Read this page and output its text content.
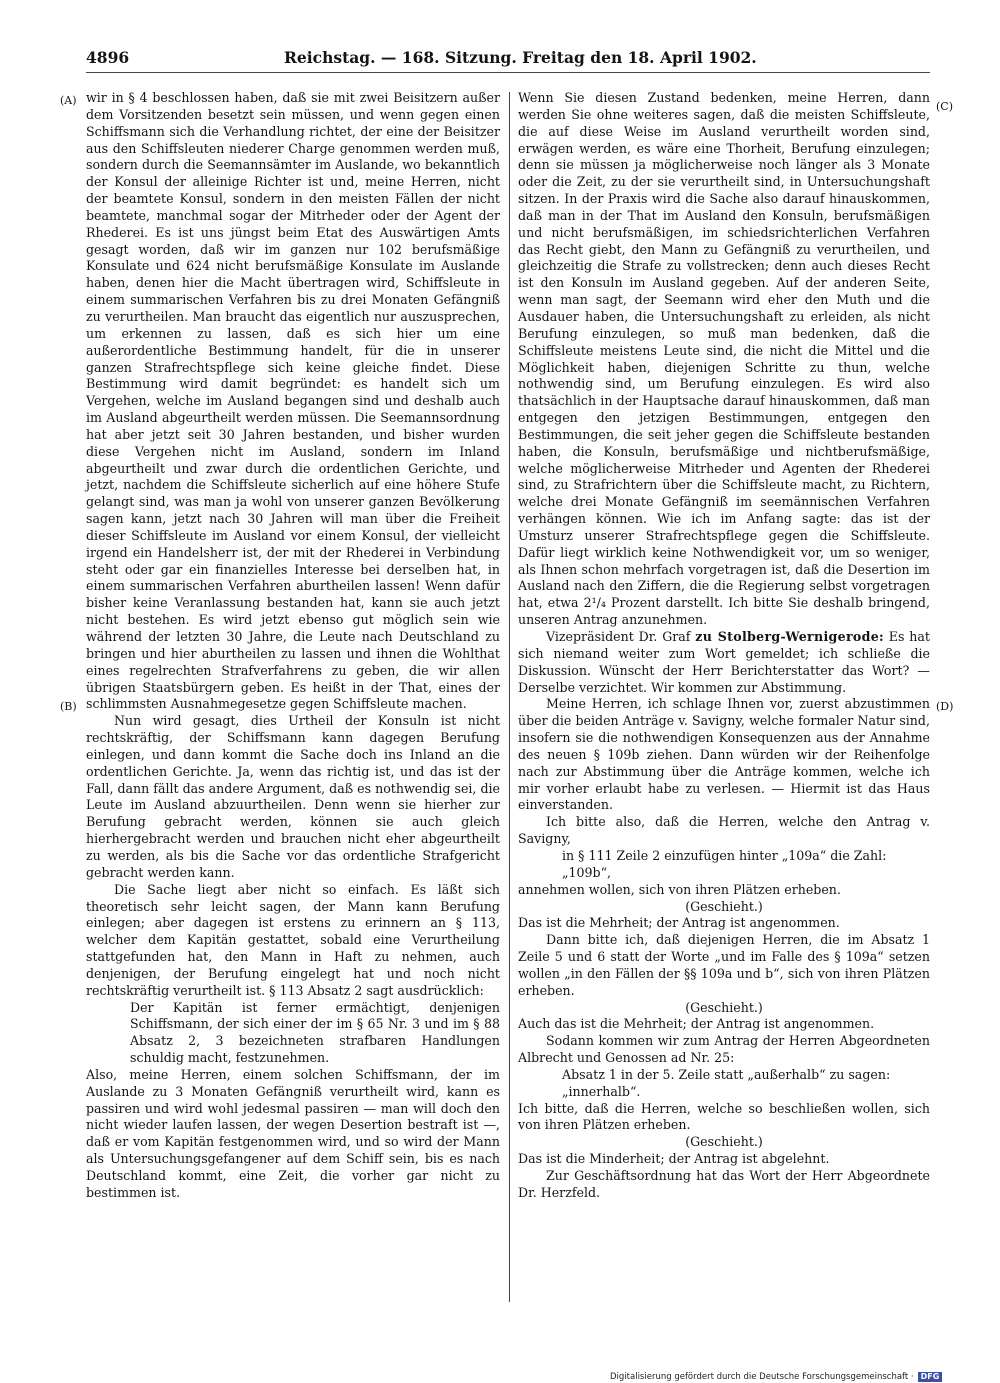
4896	Reichstag. — 168. Sitzung. Freitag den 18. April 1902.
(A)
(B)
(C)
(D)

wir in § 4 beschlossen haben, daß sie mit zwei Beisitzern außer dem Vorsitzenden besetzt sein müssen, und wenn gegen einen Schiffsmann sich die Verhandlung richtet, der eine der Beisitzer aus den Schiffsleuten niederer Charge genommen werden muß, sondern durch die Seemannsämter im Auslande, wo bekanntlich der Konsul der alleinige Richter ist und, meine Herren, nicht der beamtete Konsul, sondern in den meisten Fällen der nicht beamtete, manchmal sogar der Mitrheder oder der Agent der Rhederei. Es ist uns jüngst beim Etat des Auswärtigen Amts gesagt worden, daß wir im ganzen nur 102 berufsmäßige Konsulate und 624 nicht berufsmäßige Konsulate im Auslande haben, denen hier die Macht übertragen wird, Schiffsleute in einem summarischen Verfahren bis zu drei Monaten Gefängniß zu verurtheilen. Man braucht das eigentlich nur auszusprechen, um erkennen zu lassen, daß es sich hier um eine außerordentliche Bestimmung handelt, für die in unserer ganzen Strafrechtspflege sich keine gleiche findet. Diese Bestimmung wird damit begründet: es handelt sich um Vergehen, welche im Ausland begangen sind und deshalb auch im Ausland abgeurtheilt werden müssen. Die Seemannsordnung hat aber jetzt seit 30 Jahren bestanden, und bisher wurden diese Vergehen nicht im Ausland, sondern im Inland abgeurtheilt und zwar durch die ordentlichen Gerichte, und jetzt, nachdem die Schiffsleute sicherlich auf eine höhere Stufe gelangt sind, was man ja wohl von unserer ganzen Bevölkerung sagen kann, jetzt nach 30 Jahren will man über die Freiheit dieser Schiffsleute im Ausland vor einem Konsul, der vielleicht irgend ein Handelsherr ist, der mit der Rhederei in Verbindung steht oder gar ein finanzielles Interesse bei derselben hat, in einem summarischen Verfahren aburtheilen lassen! Wenn dafür bisher keine Veranlassung bestanden hat, kann sie auch jetzt nicht bestehen. Es wird jetzt ebenso gut möglich sein wie während der letzten 30 Jahre, die Leute nach Deutschland zu bringen und hier aburtheilen zu lassen und ihnen die Wohlthat eines regelrechten Strafverfahrens zu geben, die wir allen übrigen Staatsbürgern geben. Es heißt in der That, eines der schlimmsten Ausnahmegesetze gegen Schiffsleute machen.

Nun wird gesagt, dies Urtheil der Konsuln ist nicht rechtskräftig, der Schiffsmann kann dagegen Berufung einlegen, und dann kommt die Sache doch ins Inland an die ordentlichen Gerichte. Ja, wenn das richtig ist, und das ist der Fall, dann fällt das andere Argument, daß es nothwendig sei, die Leute im Ausland abzuurtheilen. Denn wenn sie hierher zur Berufung gebracht werden, können sie auch gleich hierhergebracht werden und brauchen nicht eher abgeurtheilt zu werden, als bis die Sache vor das ordentliche Strafgericht gebracht werden kann.

Die Sache liegt aber nicht so einfach. Es läßt sich theoretisch sehr leicht sagen, der Mann kann Berufung einlegen; aber dagegen ist erstens zu erinnern an § 113, welcher dem Kapitän gestattet, sobald eine Verurtheilung stattgefunden hat, den Mann in Haft zu nehmen, auch denjenigen, der Berufung eingelegt hat und noch nicht rechtskräftig verurtheilt ist. § 113 Absatz 2 sagt ausdrücklich:

Der Kapitän ist ferner ermächtigt, denjenigen Schiffsmann, der sich einer der im § 65 Nr. 3 und im § 88 Absatz 2, 3 bezeichneten strafbaren Handlungen schuldig macht, festzunehmen.

Also, meine Herren, einem solchen Schiffsmann, der im Auslande zu 3 Monaten Gefängniß verurtheilt wird, kann es passiren und wird wohl jedesmal passiren — man will doch den nicht wieder laufen lassen, der wegen Desertion bestraft ist —, daß er vom Kapitän festgenommen wird, und so wird der Mann als Untersuchungsgefangener auf dem Schiff sein, bis es nach Deutschland kommt, eine Zeit, die vorher gar nicht zu bestimmen ist.

Wenn Sie diesen Zustand bedenken, meine Herren, dann werden Sie ohne weiteres sagen, daß die meisten Schiffsleute, die auf diese Weise im Ausland verurtheilt worden sind, erwägen werden, es wäre eine Thorheit, Berufung einzulegen; denn sie müssen ja möglicherweise noch länger als 3 Monate oder die Zeit, zu der sie verurtheilt sind, in Untersuchungshaft sitzen. In der Praxis wird die Sache also darauf hinauskommen, daß man in der That im Ausland den Konsuln, berufsmäßigen und nicht berufsmäßigen, im schiedsrichterlichen Verfahren das Recht giebt, den Mann zu Gefängniß zu verurtheilen, und gleichzeitig die Strafe zu vollstrecken; denn auch dieses Recht ist den Konsuln im Ausland gegeben. Auf der anderen Seite, wenn man sagt, der Seemann wird eher den Muth und die Ausdauer haben, die Untersuchungshaft zu erleiden, als nicht Berufung einzulegen, so muß man bedenken, daß die Schiffsleute meistens Leute sind, die nicht die Mittel und die Möglichkeit haben, diejenigen Schritte zu thun, welche nothwendig sind, um Berufung einzulegen. Es wird also thatsächlich in der Hauptsache darauf hinauskommen, daß man entgegen den jetzigen Bestimmungen, entgegen den Bestimmungen, die seit jeher gegen die Schiffsleute bestanden haben, die Konsuln, berufsmäßige und nichtberufsmäßige, welche möglicherweise Mitrheder und Agenten der Rhederei sind, zu Strafrichtern über die Schiffsleute macht, zu Richtern, welche drei Monate Gefängniß im seemännischen Verfahren verhängen können. Wie ich im Anfang sagte: das ist der Umsturz unserer Strafrechtspflege gegen die Schiffsleute. Dafür liegt wirklich keine Nothwendigkeit vor, um so weniger, als Ihnen schon mehrfach vorgetragen ist, daß die Desertion im Ausland nach den Ziffern, die die Regierung selbst vorgetragen hat, etwa 2¹/₄ Prozent darstellt. Ich bitte Sie deshalb bringend, unseren Antrag anzunehmen.

Vizepräsident Dr. Graf zu Stolberg-Wernigerode: Es hat sich niemand weiter zum Wort gemeldet; ich schließe die Diskussion. Wünscht der Herr Berichterstatter das Wort? — Derselbe verzichtet. Wir kommen zur Abstimmung.

Meine Herren, ich schlage Ihnen vor, zuerst abzustimmen über die beiden Anträge v. Savigny, welche formaler Natur sind, insofern sie die nothwendigen Konsequenzen aus der Annahme des neuen § 109b ziehen. Dann würden wir der Reihenfolge nach zur Abstimmung über die Anträge kommen, welche ich mir vorher erlaubt habe zu verlesen. — Hiermit ist das Haus einverstanden.

Ich bitte also, daß die Herren, welche den Antrag v. Savigny,

in § 111 Zeile 2 einzufügen hinter „109a“ die Zahl: „109b“,

annehmen wollen, sich von ihren Plätzen erheben.

(Geschieht.)

Das ist die Mehrheit; der Antrag ist angenommen.

Dann bitte ich, daß diejenigen Herren, die im Absatz 1 Zeile 5 und 6 statt der Worte „und im Falle des § 109a“ setzen wollen „in den Fällen der §§ 109a und b“, sich von ihren Plätzen erheben.

(Geschieht.)

Auch das ist die Mehrheit; der Antrag ist angenommen.

Sodann kommen wir zum Antrag der Herren Abgeordneten Albrecht und Genossen ad Nr. 25:

Absatz 1 in der 5. Zeile statt „außerhalb“ zu sagen: „innerhalb“.

Ich bitte, daß die Herren, welche so beschließen wollen, sich von ihren Plätzen erheben.

(Geschieht.)

Das ist die Minderheit; der Antrag ist abgelehnt.

Zur Geschäftsordnung hat das Wort der Herr Abgeordnete Dr. Herzfeld.

Digitalisierung gefördert durch die Deutsche Forschungsgemeinschaft · DFG
